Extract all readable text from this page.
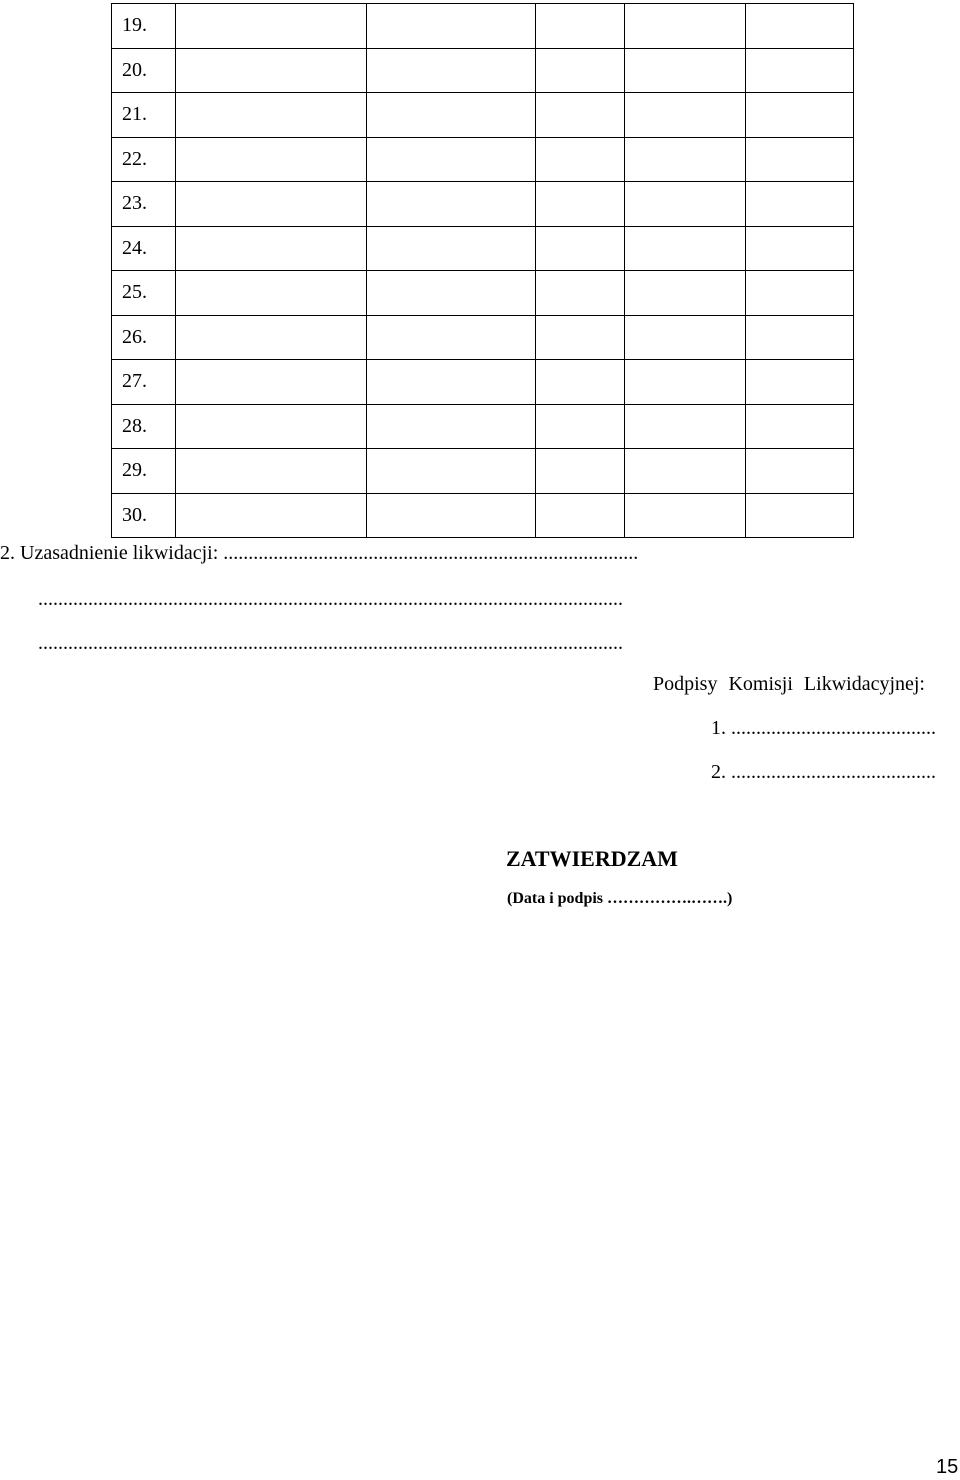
19.					
20.					
21.					
22.					
23.					
24.					
25.					
26.					
27.					
28.					
29.					
30.					
2. Uzasadnienie likwidacji: ...................................................................................
.....................................................................................................................
.....................................................................................................................
Podpisy Komisji Likwidacyjnej:
1. .........................................
2. .........................................
ZATWIERDZAM
(Data i podpis …………….…….)
15
